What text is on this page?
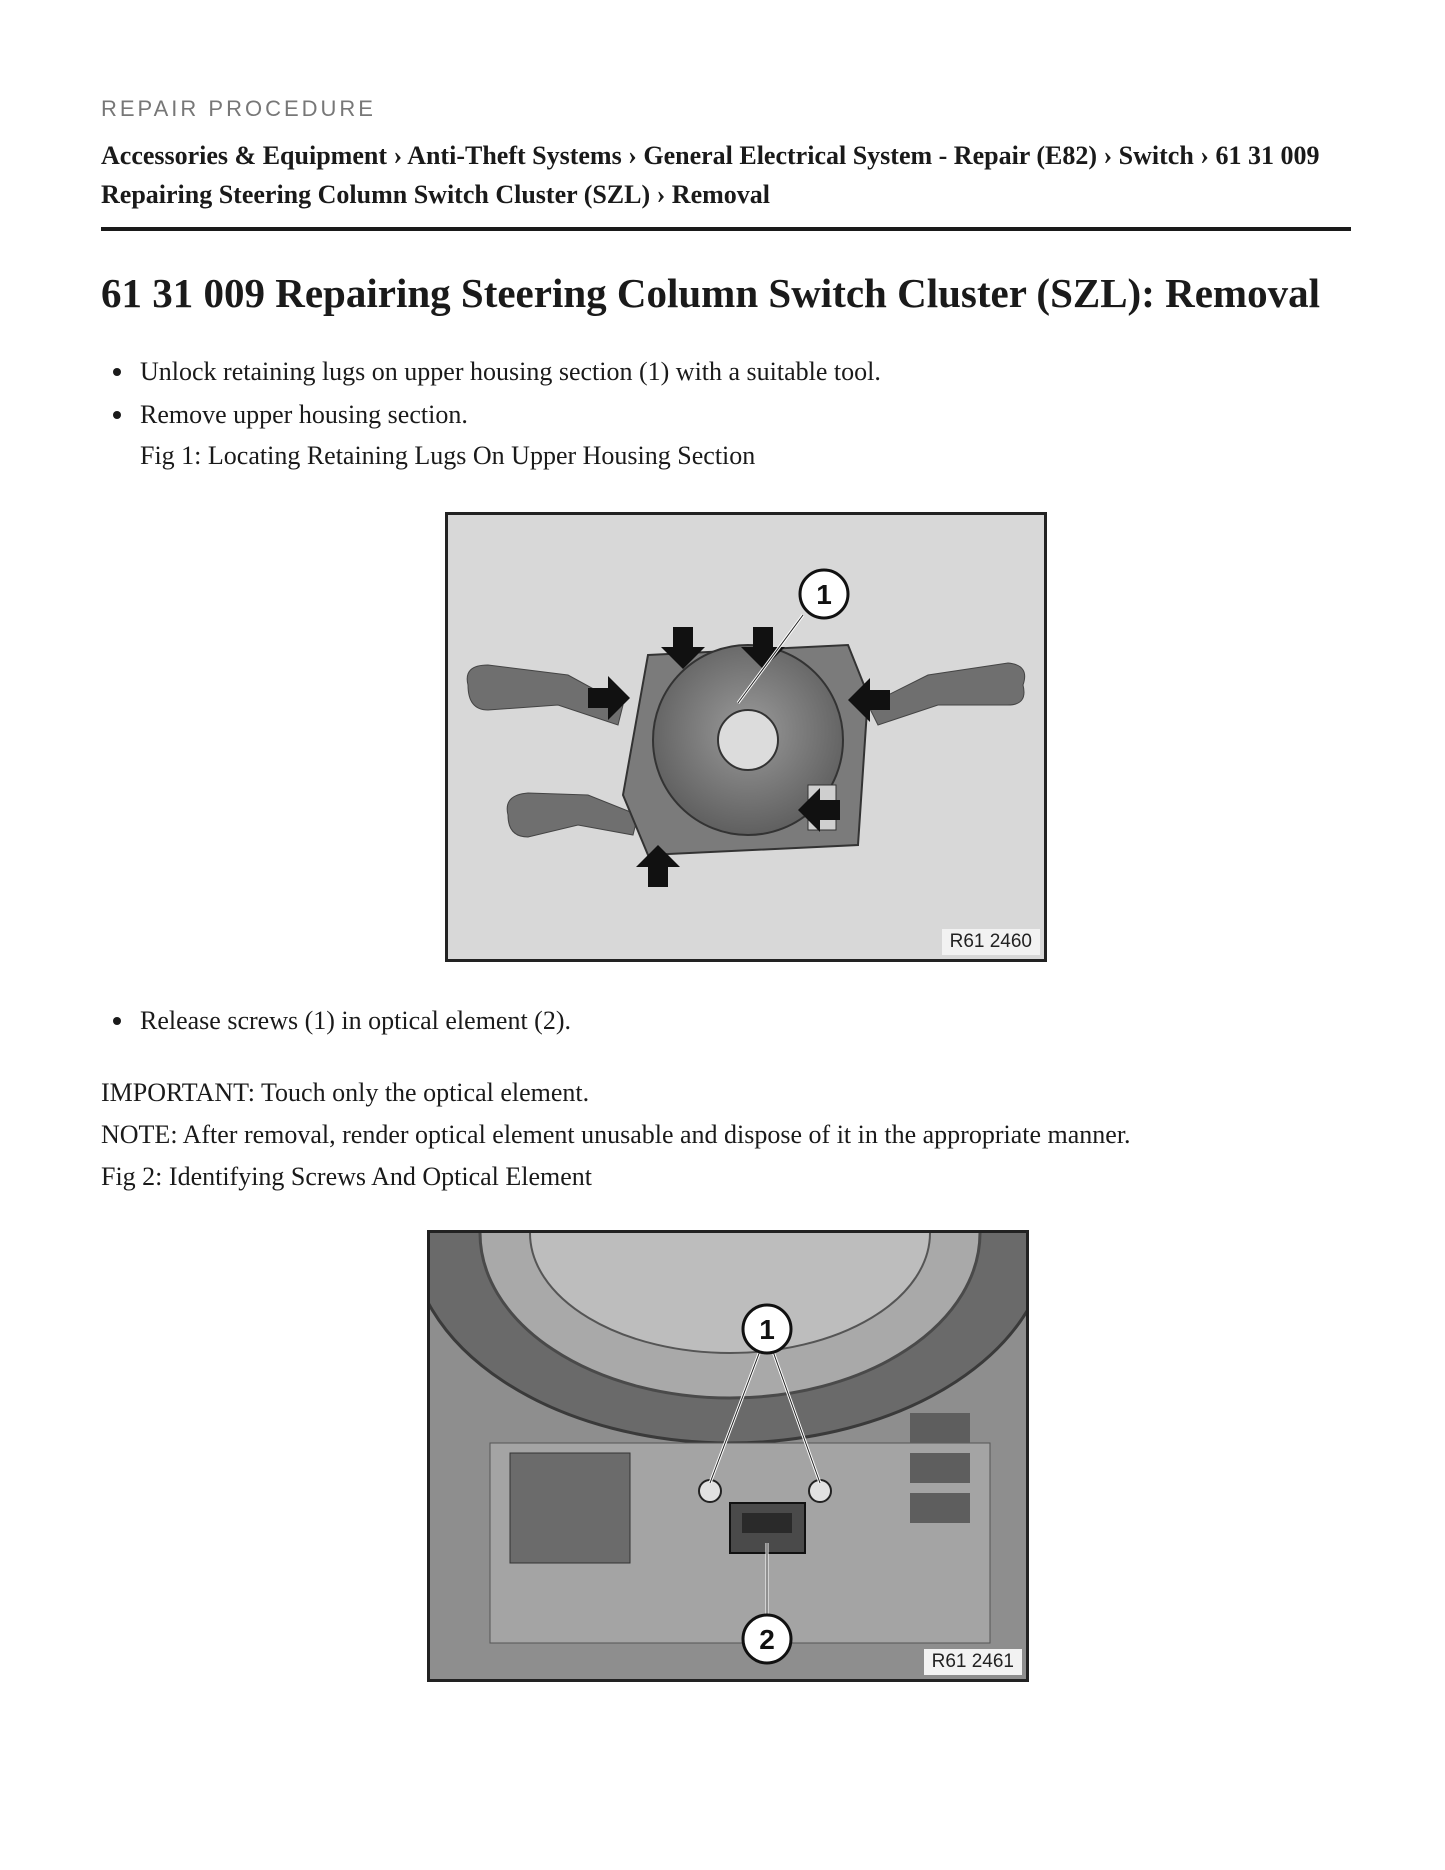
REPAIR PROCEDURE
Accessories & Equipment › Anti-Theft Systems › General Electrical System - Repair (E82) › Switch › 61 31 009
Repairing Steering Column Switch Cluster (SZL) › Removal
61 31 009 Repairing Steering Column Switch Cluster (SZL): Removal
Unlock retaining lugs on upper housing section (1) with a suitable tool.
Remove upper housing section.
Fig 1: Locating Retaining Lugs On Upper Housing Section
Release screws (1) in optical element (2).
IMPORTANT: Touch only the optical element.
NOTE: After removal, render optical element unusable and dispose of it in the appropriate manner.
Fig 2: Identifying Screws And Optical Element
1
R61 2460
1
2
R61 2461
